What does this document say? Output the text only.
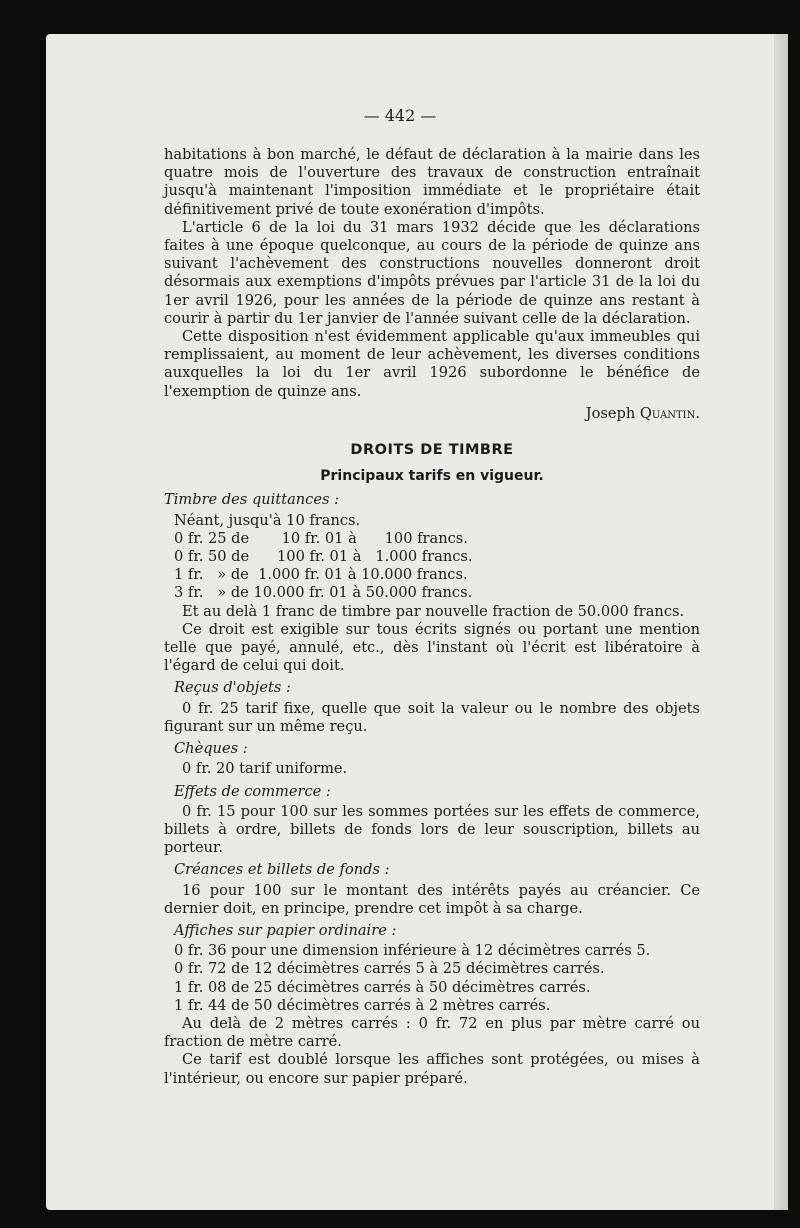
— 442 —

habitations à bon marché, le défaut de déclaration à la mairie dans les quatre mois de l'ouverture des travaux de construction entraînait jusqu'à maintenant l'imposition immédiate et le propriétaire était définitivement privé de toute exonération d'impôts.

L'article 6 de la loi du 31 mars 1932 décide que les déclarations faites à une époque quelconque, au cours de la période de quinze ans suivant l'achèvement des constructions nouvelles donneront droit désormais aux exemptions d'impôts prévues par l'article 31 de la loi du 1er avril 1926, pour les années de la période de quinze ans restant à courir à partir du 1er janvier de l'année suivant celle de la déclaration.

Cette disposition n'est évidemment applicable qu'aux immeubles qui remplissaient, au moment de leur achèvement, les diverses conditions auxquelles la loi du 1er avril 1926 subordonne le bénéfice de l'exemption de quinze ans.

Joseph Quantin.

DROITS DE TIMBRE
Principaux tarifs en vigueur.
Timbre des quittances :
Néant, jusqu'à 10 francs.
0 fr. 25 de       10 fr. 01 à      100 francs.
0 fr. 50 de      100 fr. 01 à   1.000 francs.
1 fr.   » de  1.000 fr. 01 à 10.000 francs.
3 fr.   » de 10.000 fr. 01 à 50.000 francs.

Et au delà 1 franc de timbre par nouvelle fraction de 50.000 francs.

Ce droit est exigible sur tous écrits signés ou portant une mention telle que payé, annulé, etc., dès l'instant où l'écrit est libératoire à l'égard de celui qui doit.

Reçus d'objets :

0 fr. 25 tarif fixe, quelle que soit la valeur ou le nombre des objets figurant sur un même reçu.

Chèques :

0 fr. 20 tarif uniforme.

Effets de commerce :

0 fr. 15 pour 100 sur les sommes portées sur les effets de commerce, billets à ordre, billets de fonds lors de leur souscription, billets au porteur.

Créances et billets de fonds :

16 pour 100 sur le montant des intérêts payés au créancier. Ce dernier doit, en principe, prendre cet impôt à sa charge.

Affiches sur papier ordinaire :
0 fr. 36 pour une dimension inférieure à 12 décimètres carrés 5.
0 fr. 72 de 12 décimètres carrés 5 à 25 décimètres carrés.
1 fr. 08 de 25 décimètres carrés à 50 décimètres carrés.
1 fr. 44 de 50 décimètres carrés à 2 mètres carrés.

Au delà de 2 mètres carrés : 0 fr. 72 en plus par mètre carré ou fraction de mètre carré.

Ce tarif est doublé lorsque les affiches sont protégées, ou mises à l'intérieur, ou encore sur papier préparé.
